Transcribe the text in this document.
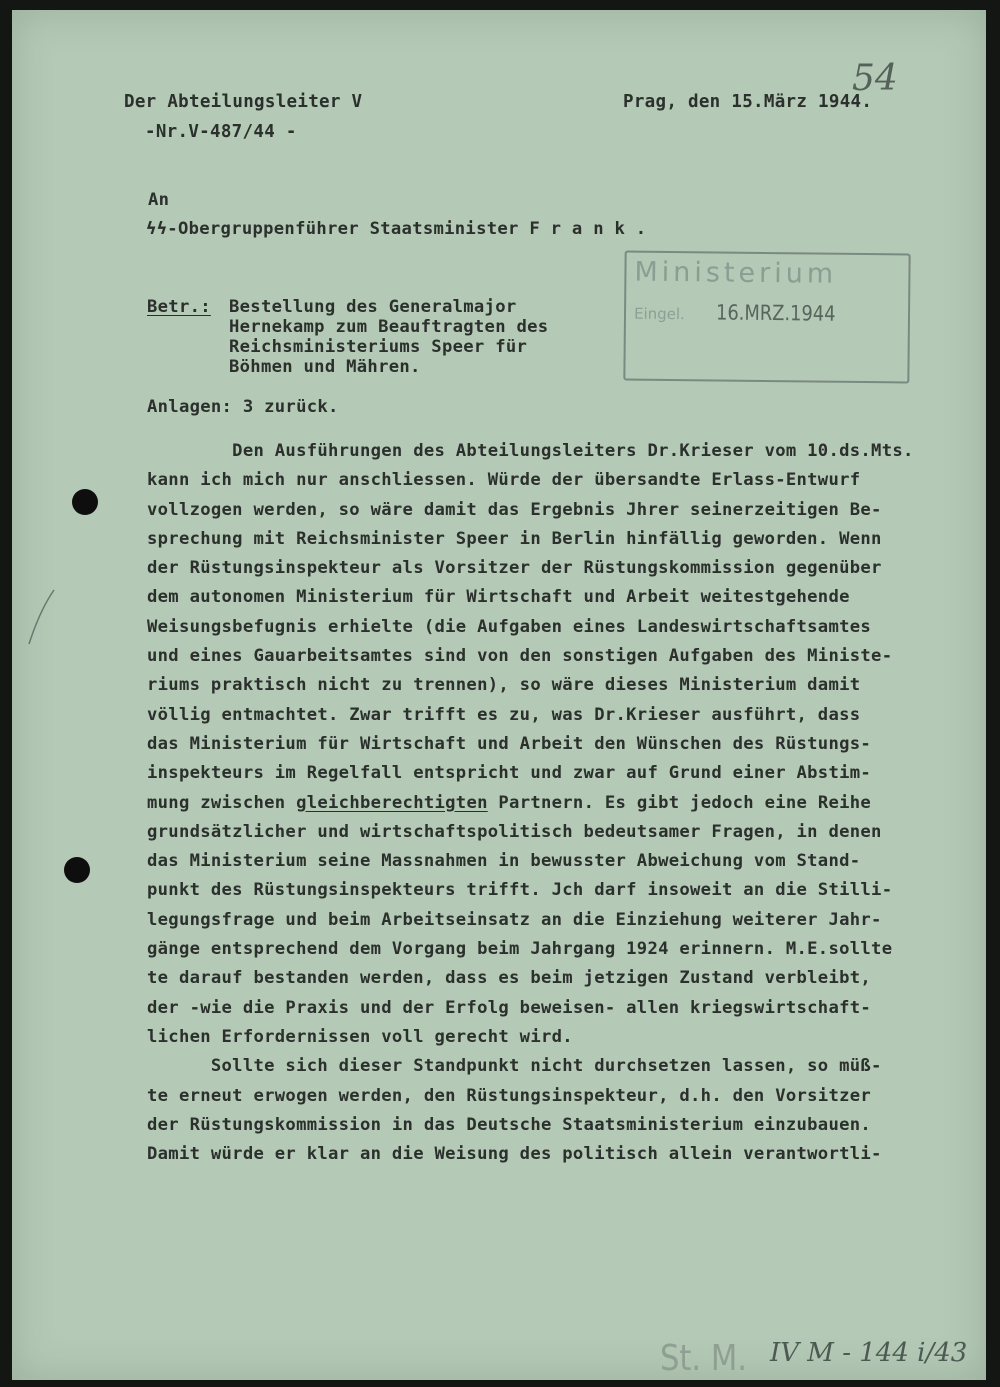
54
Der Abteilungsleiter V
-Nr.V-487/44 -
Prag, den 15.März 1944.
An
ϟϟ-Obergruppenführer Staatsminister F r a n k .
Ministerium
Eingel. 16.MRZ.1944
Betr.: Bestellung des Generalmajor
Hernekamp zum Beauftragten des
Reichsministeriums Speer für
Böhmen und Mähren.
Anlagen: 3 zurück.
Den Ausführungen des Abteilungsleiters Dr.Krieser vom 10.ds.Mts.
kann ich mich nur anschliessen. Würde der übersandte Erlass-Entwurf
vollzogen werden, so wäre damit das Ergebnis Jhrer seinerzeitigen Be-
sprechung mit Reichsminister Speer in Berlin hinfällig geworden. Wenn
der Rüstungsinspekteur als Vorsitzer der Rüstungskommission gegenüber
dem autonomen Ministerium für Wirtschaft und Arbeit weitestgehende
Weisungsbefugnis erhielte (die Aufgaben eines Landeswirtschaftsamtes
und eines Gauarbeitsamtes sind von den sonstigen Aufgaben des Ministe-
riums praktisch nicht zu trennen), so wäre dieses Ministerium damit
völlig entmachtet. Zwar trifft es zu, was Dr.Krieser ausführt, dass
das Ministerium für Wirtschaft und Arbeit den Wünschen des Rüstungs-
inspekteurs im Regelfall entspricht und zwar auf Grund einer Abstim-
mung zwischen gleichberechtigten Partnern. Es gibt jedoch eine Reihe
grundsätzlicher und wirtschaftspolitisch bedeutsamer Fragen, in denen
das Ministerium seine Massnahmen in bewusster Abweichung vom Stand-
punkt des Rüstungsinspekteurs trifft. Jch darf insoweit an die Stilli-
legungsfrage und beim Arbeitseinsatz an die Einziehung weiterer Jahr-
gänge entsprechend dem Vorgang beim Jahrgang 1924 erinnern. M.E.sollte
te darauf bestanden werden, dass es beim jetzigen Zustand verbleibt,
der -wie die Praxis und der Erfolg beweisen- allen kriegswirtschaft-
lichen Erfordernissen voll gerecht wird.
Sollte sich dieser Standpunkt nicht durchsetzen lassen, so müß-
te erneut erwogen werden, den Rüstungsinspekteur, d.h. den Vorsitzer
der Rüstungskommission in das Deutsche Staatsministerium einzubauen.
Damit würde er klar an die Weisung des politisch allein verantwortli-
St. M. IV M - 144 i/43
